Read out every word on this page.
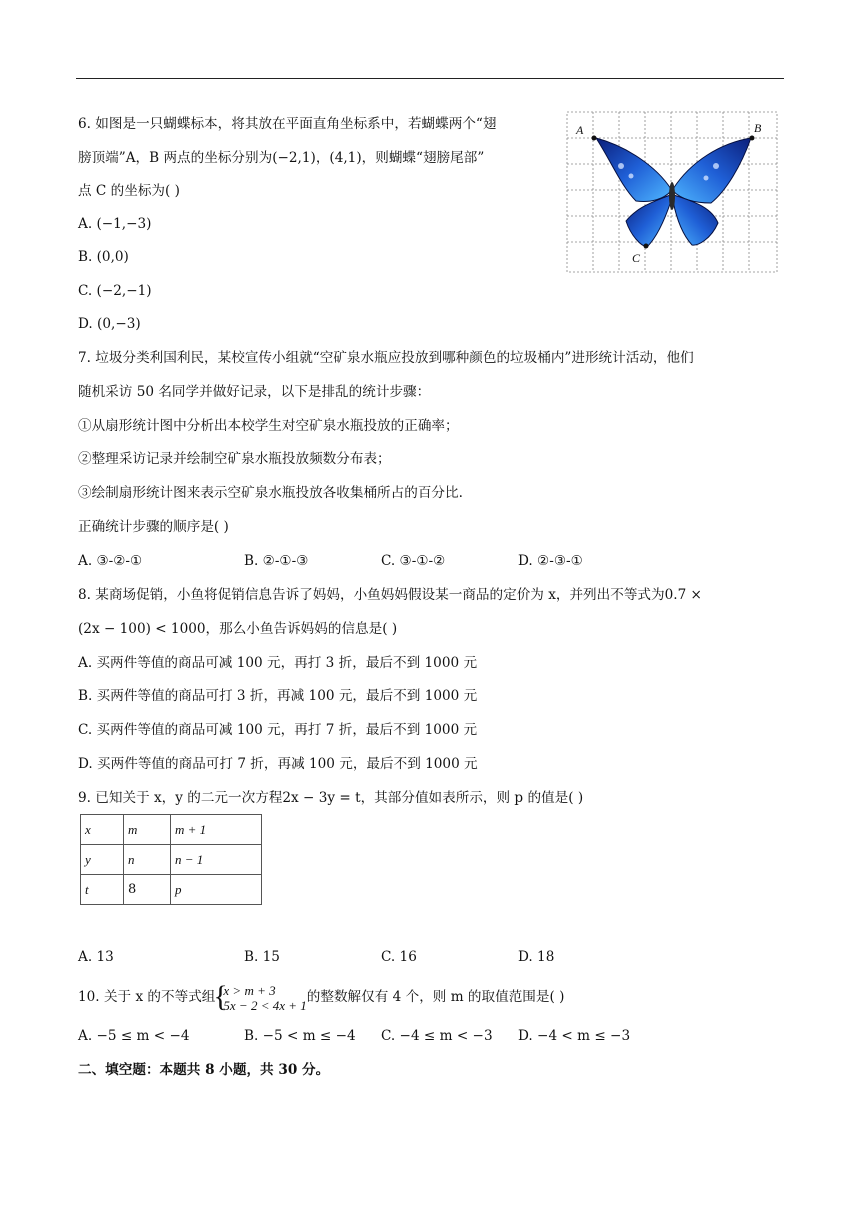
6. 如图是一只蝴蝶标本，将其放在平面直角坐标系中，若蝴蝶两个“翅
膀顶端”A，B 两点的坐标分别为(−2,1)，(4,1)，则蝴蝶“翅膀尾部”
点 C 的坐标为( )
A. (−1,−3)
B. (0,0)
C. (−2,−1)
D. (0,−3)
A	B
C
7. 垃圾分类利国利民，某校宣传小组就“空矿泉水瓶应投放到哪种颜色的垃圾桶内”进形统计活动，他们
随机采访 50 名同学并做好记录，以下是排乱的统计步骤：
①从扇形统计图中分析出本校学生对空矿泉水瓶投放的正确率；
②整理采访记录并绘制空矿泉水瓶投放频数分布表；
③绘制扇形统计图来表示空矿泉水瓶投放各收集桶所占的百分比.
正确统计步骤的顺序是( )
A. ③-②-①	B. ②-①-③	C. ③-①-②	D. ②-③-①
8. 某商场促销，小鱼将促销信息告诉了妈妈，小鱼妈妈假设某一商品的定价为 x，并列出不等式为0.7 ×
(2x − 100) < 1000，那么小鱼告诉妈妈的信息是( )
A. 买两件等值的商品可减 100 元，再打 3 折，最后不到 1000 元
B. 买两件等值的商品可打 3 折，再减 100 元，最后不到 1000 元
C. 买两件等值的商品可减 100 元，再打 7 折，最后不到 1000 元
D. 买两件等值的商品可打 7 折，再减 100 元，最后不到 1000 元
9. 已知关于 x，y 的二元一次方程2x − 3y = t，其部分值如表所示，则 p 的值是( )
x	m	m + 1
y	n	n − 1
t	8	p
A. 13	B. 15	C. 16	D. 18
10. 关于 x 的不等式组 { x > m + 3
5x − 2 < 4x + 1 的整数解仅有 4 个，则 m 的取值范围是( )
A. −5 ≤ m < −4	B. −5 < m ≤ −4 C. −4 ≤ m < −3 D. −4 < m ≤ −3
二、填空题：本题共 8 小题，共 30 分。
